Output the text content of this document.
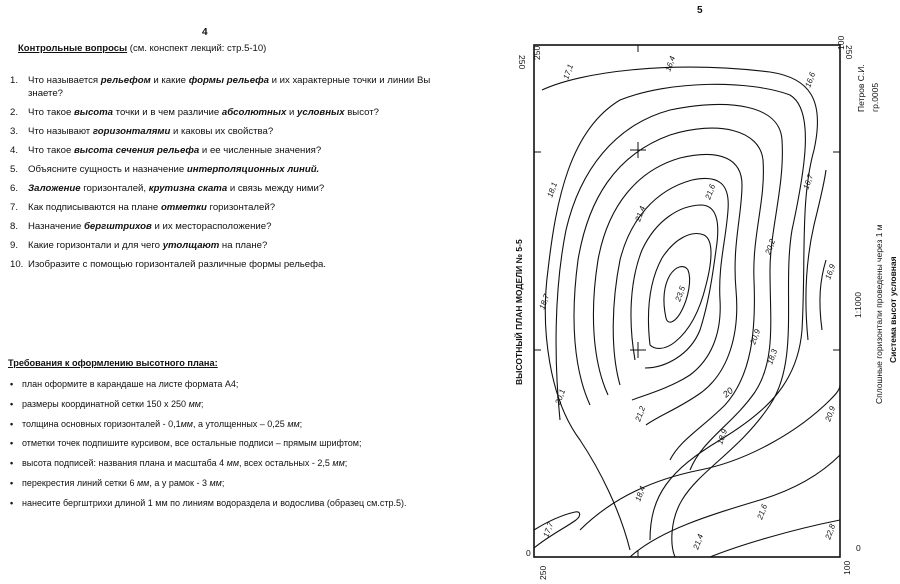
4
Контрольные вопросы (см. конспект лекций: стр.5-10)
1.	Что называется рельефом и какие формы рельефа и их характерные точки и линии Вы знаете?
2.	Что такое высота точки и в чем различие абсолютных и условных высот?
3.	Что называют горизонталями и каковы их свойства?
4.	Что такое высота сечения рельефа и ее численные значения?
5.	Объясните сущность и назначение интерполяционных линий.
6.	Заложение горизонталей, крутизна ската и связь между ними?
7.	Как подписываются на плане отметки горизонталей?
8.	Назначение бергштрихов и их месторасположение?
9.	Какие горизонтали и для чего утолщают на плане?
10. Изобразите с помощью горизонталей различные формы рельефа.
Требования к оформлению высотного плана:
• план оформите в карандаше на листе формата А4;
• размеры координатной сетки 150 x 250 мм;
• толщина основных горизонталей - 0,1мм, а утолщенных – 0,25 мм;
• отметки точек подпишите курсивом, все остальные подписи – прямым шрифтом;
• высота подписей: названия плана и масштаба 4 мм, всех остальных - 2,5 мм;
• перекрестия линий сетки 6 мм, а у рамок - 3 мм;
• нанесите бергштрихи длиной 1 мм по линиям водораздела и водослива (образец см.стр.5).
5
17,1	16,4
16,6
18,1
21,4
21,6
16,7
20,2
23,5
18,7
16,9
20,9
18,3
20,1
21,2
18,9
20,9
18,4
17,7
21,4
21,6
22,8
20
250
250
100
250
250
0
100
0
ВЫСОТНЫЙ ПЛАН МОДЕЛИ № 5-5	1:1000 Сплошные горизонтали проведены через 1 м Система высот условная
Петров С.И. гр.0005
